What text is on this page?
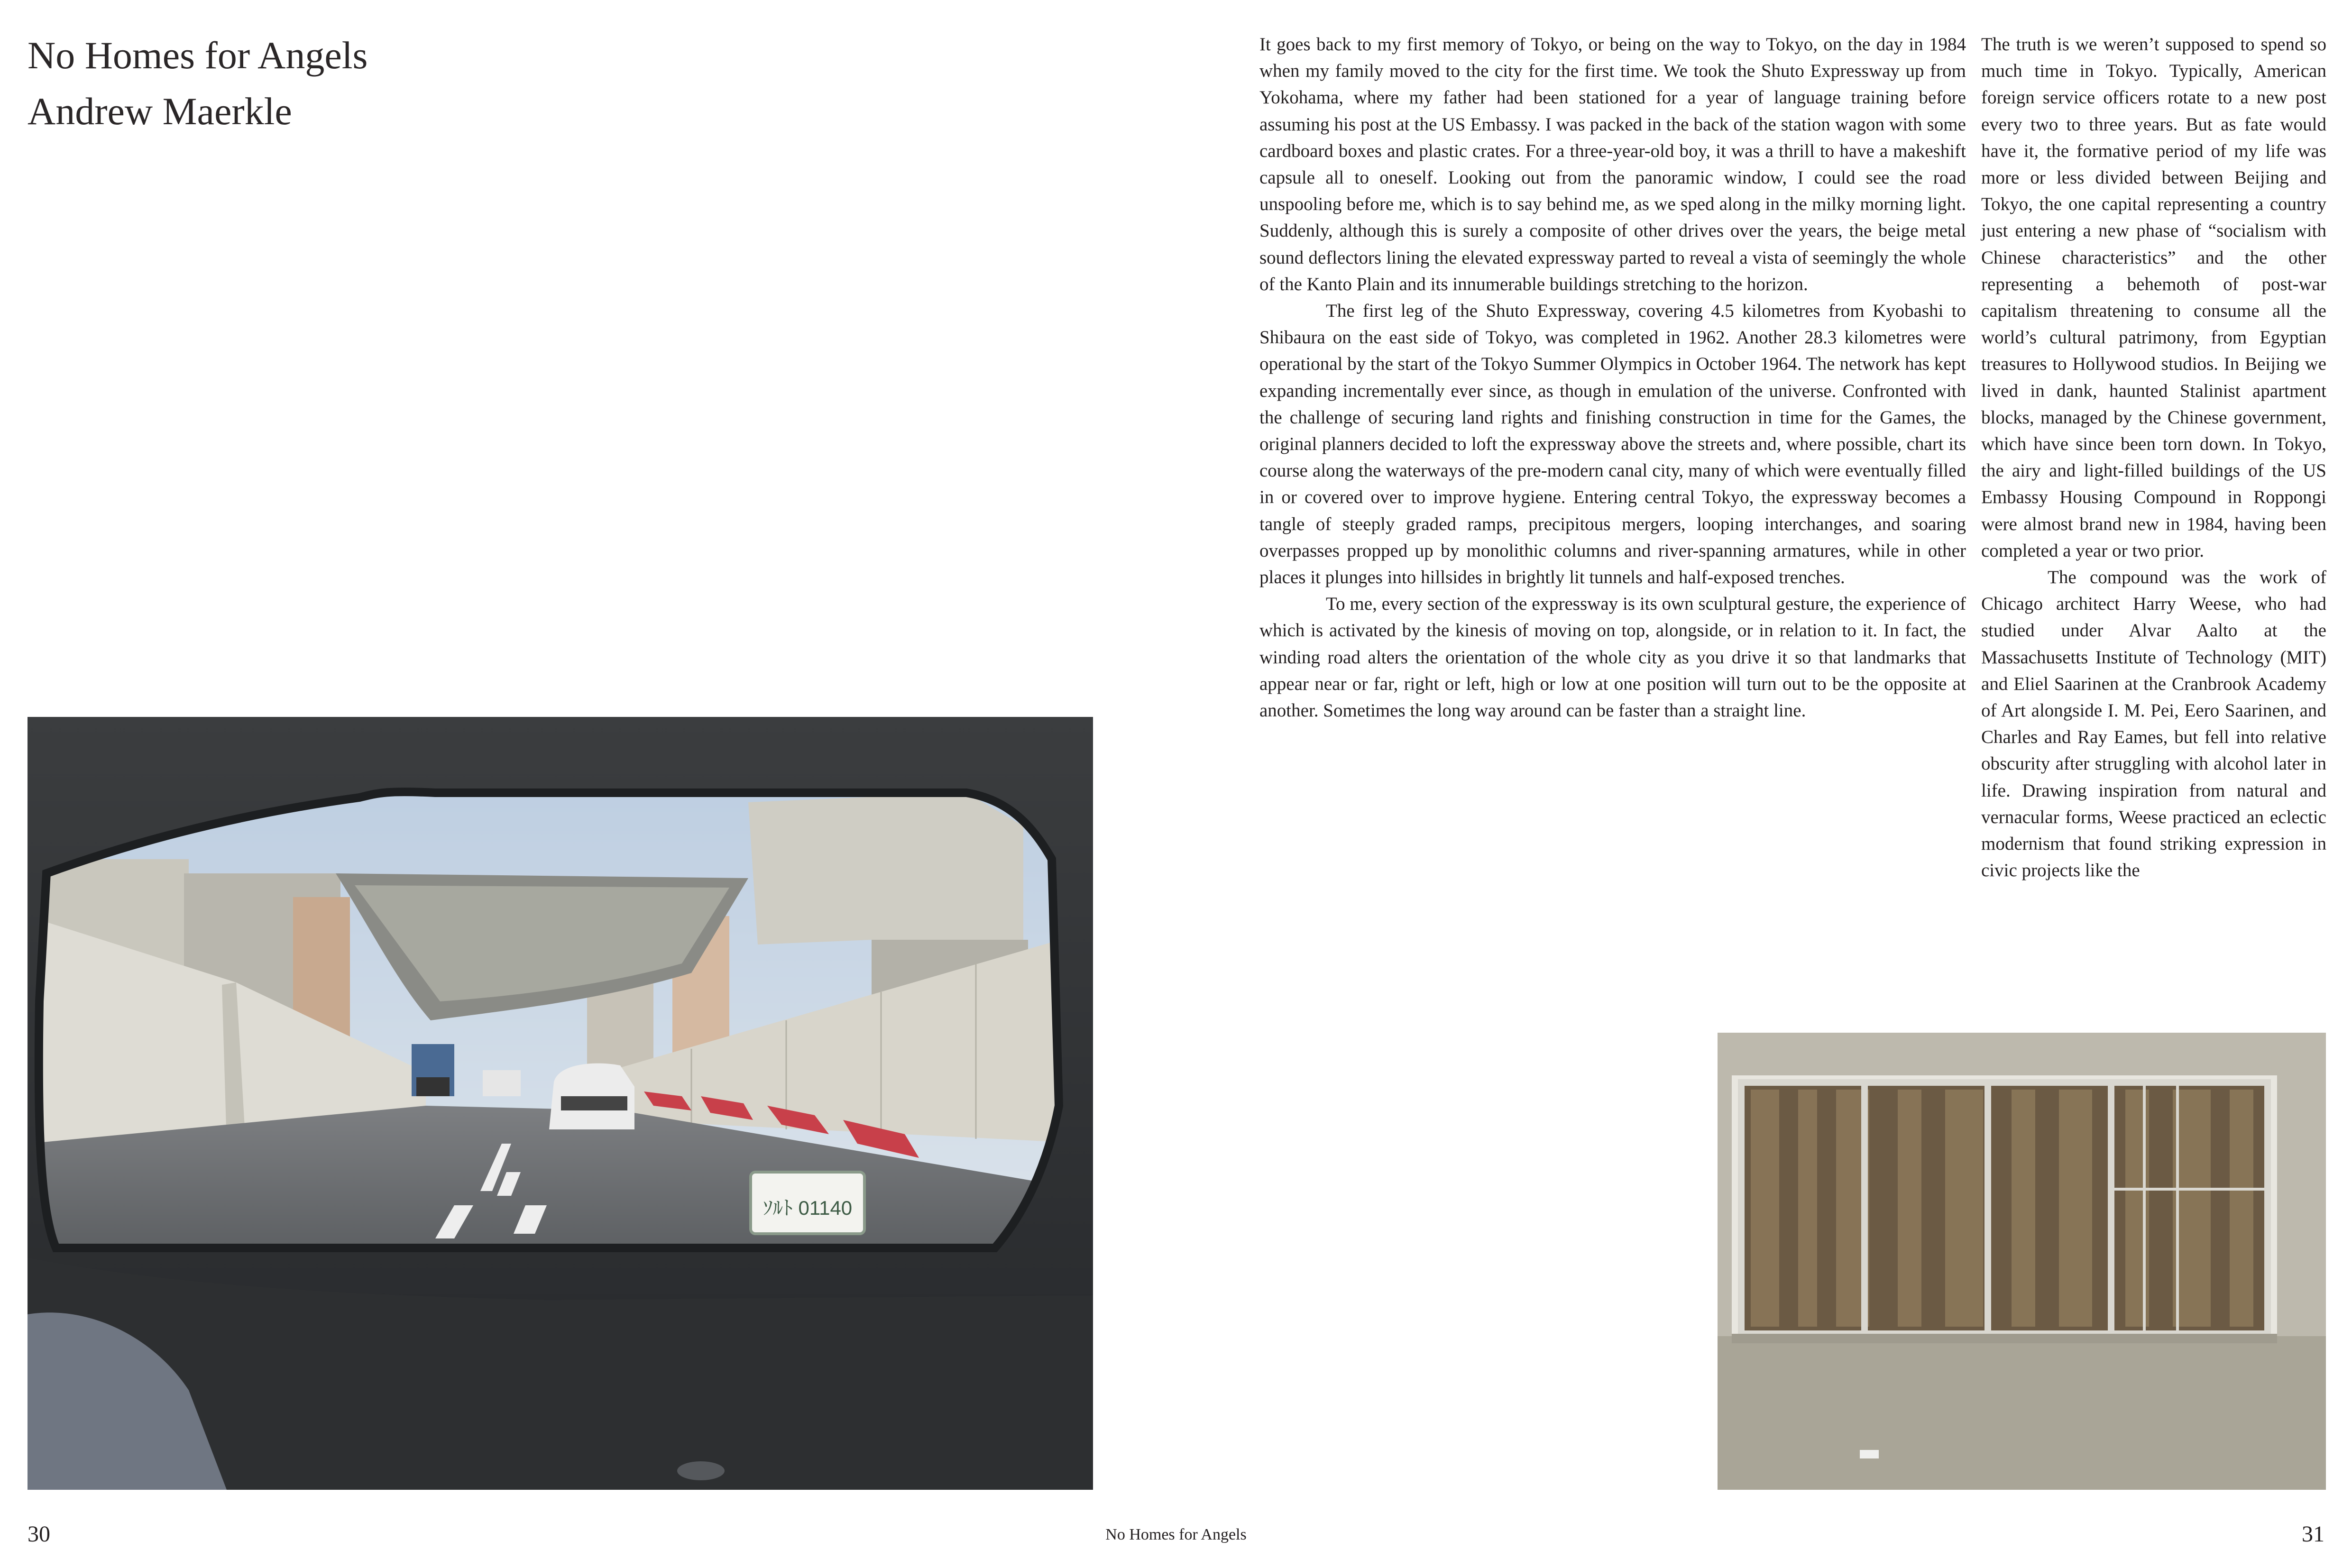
No Homes for Angels
Andrew Maerkle
ｿﾙﾄ 01140

It goes back to my first memory of Tokyo, or being on the way to Tokyo, on the day in 1984 when my family moved to the city for the first time. We took the Shuto Expressway up from Yokohama, where my father had been stationed for a year of language training before assuming his post at the US Embassy. I was packed in the back of the station wagon with some cardboard boxes and plastic crates. For a three-year-old boy, it was a thrill to have a makeshift capsule all to oneself. Looking out from the panoramic window, I could see the road unspooling before me, which is to say behind me, as we sped along in the milky morning light. Suddenly, although this is surely a composite of other drives over the years, the beige metal sound deflectors lining the elevated expressway parted to reveal a vista of seemingly the whole of the Kanto Plain and its innumerable buildings stretching to the horizon.

The first leg of the Shuto Expressway, covering 4.5 kilometres from Kyobashi to Shibaura on the east side of Tokyo, was completed in 1962. Another 28.3 kilometres were operational by the start of the Tokyo Summer Olympics in October 1964. The network has kept expanding incrementally ever since, as though in emulation of the universe. Confronted with the challenge of securing land rights and finishing construction in time for the Games, the original planners decided to loft the expressway above the streets and, where possible, chart its course along the waterways of the pre-modern canal city, many of which were eventually filled in or covered over to improve hygiene. Entering central Tokyo, the expressway becomes a tangle of steeply graded ramps, precipitous mergers, looping interchanges, and soaring overpasses propped up by monolithic columns and river-spanning armatures, while in other places it plunges into hillsides in brightly lit tunnels and half-exposed trenches.

To me, every section of the expressway is its own sculptural gesture, the experience of which is activated by the kinesis of moving on top, alongside, or in relation to it. In fact, the winding road alters the orientation of the whole city as you drive it so that landmarks that appear near or far, right or left, high or low at one position will turn out to be the opposite at another. Sometimes the long way around can be faster than a straight line.

The truth is we weren’t supposed to spend so much time in Tokyo. Typically, American foreign service officers rotate to a new post every two to three years. But as fate would have it, the formative period of my life was more or less divided between Beijing and Tokyo, the one capital representing a country just entering a new phase of “socialism with Chinese characteristics” and the other representing a behemoth of post-war capitalism threatening to consume all the world’s cultural patrimony, from Egyptian treasures to Hollywood studios. In Beijing we lived in dank, haunted Stalinist apartment blocks, managed by the Chinese government, which have since been torn down. In Tokyo, the airy and light-filled buildings of the US Embassy Housing Compound in Roppongi were almost brand new in 1984, having been completed a year or two prior.

The compound was the work of Chicago architect Harry Weese, who had studied under Alvar Aalto at the Massachusetts Institute of Technology (MIT) and Eliel Saarinen at the Cranbrook Academy of Art alongside I. M. Pei, Eero Saarinen, and Charles and Ray Eames, but fell into relative obscurity after struggling with alcohol later in life. Drawing inspiration from natural and vernacular forms, Weese practiced an eclectic modernism that found striking expression in civic projects like the

30	No Homes for Angels	31
